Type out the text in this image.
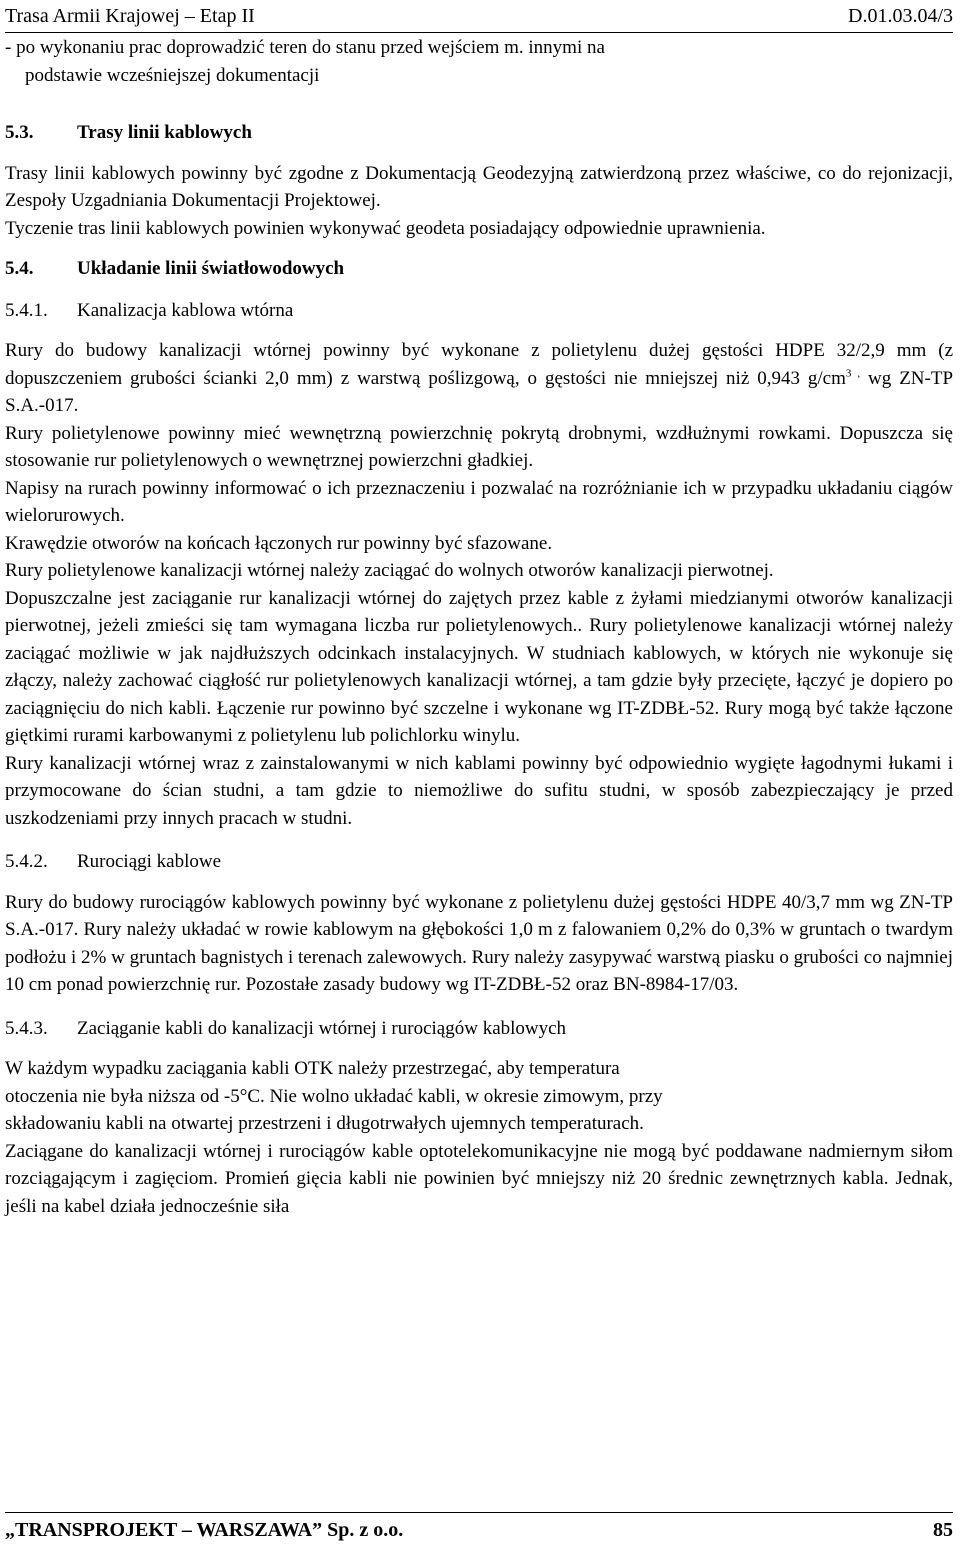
Trasa Armii Krajowej – Etap II	D.01.03.04/3

- po wykonaniu prac doprowadzić teren do stanu przed wejściem m. innymi na

podstawie wcześniejszej dokumentacji

5.3. Trasy linii kablowych

Trasy linii kablowych powinny być zgodne z Dokumentacją Geodezyjną zatwierdzoną przez właściwe, co do rejonizacji, Zespoły Uzgadniania Dokumentacji Projektowej.

Tyczenie tras linii kablowych powinien wykonywać geodeta posiadający odpowiednie uprawnienia.

5.4. Układanie linii światłowodowych

5.4.1. Kanalizacja kablowa wtórna

Rury do budowy kanalizacji wtórnej powinny być wykonane z polietylenu dużej gęstości HDPE 32/2,9 mm (z dopuszczeniem grubości ścianki 2,0 mm) z warstwą poślizgową, o gęstości nie mniejszej niż 0,943 $g/cm^{3 ,}$ wg ZN-TP S.A.-017.

Rury polietylenowe powinny mieć wewnętrzną powierzchnię pokrytą drobnymi, wzdłużnymi rowkami. Dopuszcza się stosowanie rur polietylenowych o wewnętrznej powierzchni gładkiej.

Napisy na rurach powinny informować o ich przeznaczeniu i pozwalać na rozróżnianie ich w przypadku układaniu ciągów wielorurowych.

Krawędzie otworów na końcach łączonych rur powinny być sfazowane.

Rury polietylenowe kanalizacji wtórnej należy zaciągać do wolnych otworów kanalizacji pierwotnej.

Dopuszczalne jest zaciąganie rur kanalizacji wtórnej do zajętych przez kable z żyłami miedzianymi otworów kanalizacji pierwotnej, jeżeli zmieści się tam wymagana liczba rur polietylenowych.. Rury polietylenowe kanalizacji wtórnej należy zaciągać możliwie w jak najdłuższych odcinkach instalacyjnych. W studniach kablowych, w których nie wykonuje się złączy, należy zachować ciągłość rur polietylenowych kanalizacji wtórnej, a tam gdzie były przecięte, łączyć je dopiero po zaciągnięciu do nich kabli. Łączenie rur powinno być szczelne i wykonane wg IT-ZDBŁ-52. Rury mogą być także łączone giętkimi rurami karbowanymi z polietylenu lub polichlorku winylu.

Rury kanalizacji wtórnej wraz z zainstalowanymi w nich kablami powinny być odpowiednio wygięte łagodnymi łukami i przymocowane do ścian studni, a tam gdzie to niemożliwe do sufitu studni, w sposób zabezpieczający je przed uszkodzeniami przy innych pracach w studni.

5.4.2. Rurociągi kablowe

Rury do budowy rurociągów kablowych powinny być wykonane z polietylenu dużej gęstości HDPE 40/3,7 mm wg ZN-TP S.A.-017. Rury należy układać w rowie kablowym na głębokości 1,0 m z falowaniem 0,2% do 0,3% w gruntach o twardym podłożu i 2% w gruntach bagnistych i terenach zalewowych. Rury należy zasypywać warstwą piasku o grubości co najmniej 10 cm ponad powierzchnię rur. Pozostałe zasady budowy wg IT-ZDBŁ-52 oraz BN-8984-17/03.

5.4.3. Zaciąganie kabli do kanalizacji wtórnej i rurociągów kablowych

W każdym wypadku zaciągania kabli OTK należy przestrzegać, aby temperatura

otoczenia nie była niższa od -5°C. Nie wolno układać kabli, w okresie zimowym, przy

składowaniu kabli na otwartej przestrzeni i długotrwałych ujemnych temperaturach.

Zaciągane do kanalizacji wtórnej i rurociągów kable optotelekomunikacyjne nie mogą być poddawane nadmiernym siłom rozciągającym i zagięciom. Promień gięcia kabli nie powinien być mniejszy niż 20 średnic zewnętrznych kabla. Jednak, jeśli na kabel działa jednocześnie siła

„TRANSPROJEKT – WARSZAWA” Sp. z o.o.	85
